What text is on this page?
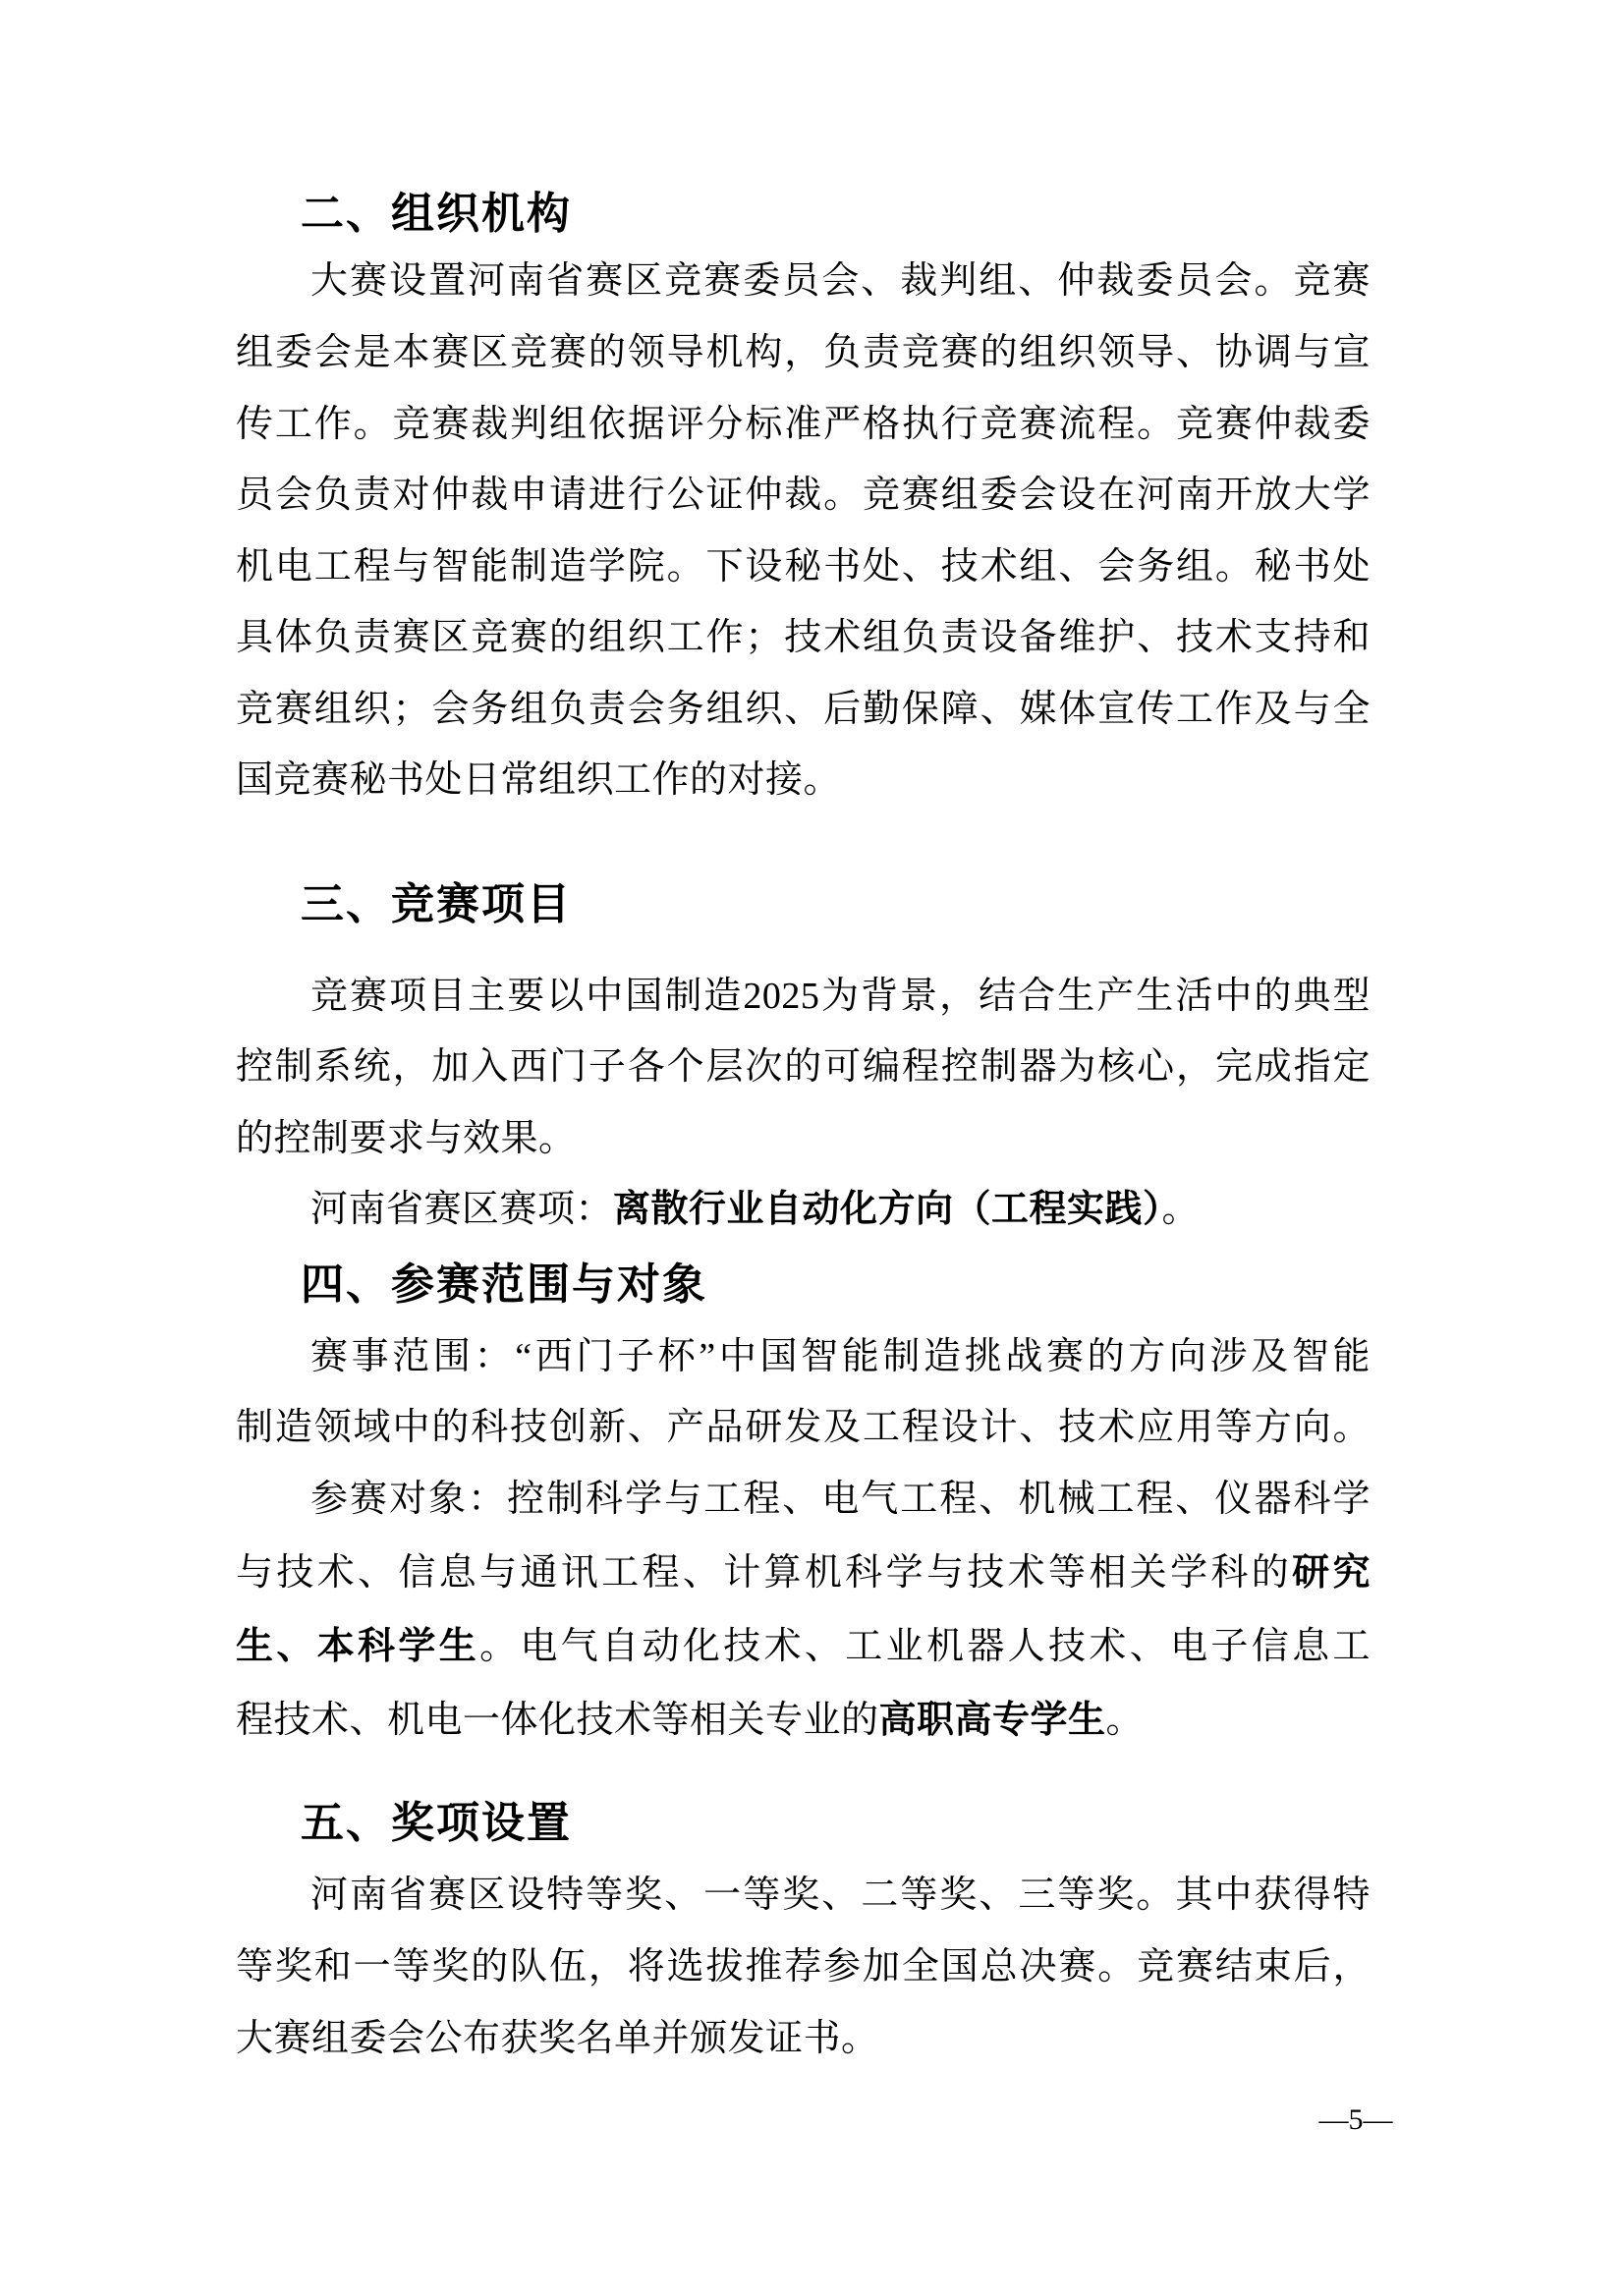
二、组织机构
大赛设置河南省赛区竞赛委员会、裁判组、仲裁委员会。竞赛
组委会是本赛区竞赛的领导机构，负责竞赛的组织领导、协调与宣
传工作。竞赛裁判组依据评分标准严格执行竞赛流程。竞赛仲裁委
员会负责对仲裁申请进行公证仲裁。竞赛组委会设在河南开放大学
机电工程与智能制造学院。下设秘书处、技术组、会务组。秘书处
具体负责赛区竞赛的组织工作；技术组负责设备维护、技术支持和
竞赛组织；会务组负责会务组织、后勤保障、媒体宣传工作及与全
国竞赛秘书处日常组织工作的对接。
三、竞赛项目
竞赛项目主要以中国制造2025为背景，结合生产生活中的典型
控制系统，加入西门子各个层次的可编程控制器为核心，完成指定
的控制要求与效果。
河南省赛区赛项：离散行业自动化方向（工程实践）。
四、参赛范围与对象
赛事范围：“西门子杯”中国智能制造挑战赛的方向涉及智能
制造领域中的科技创新、产品研发及工程设计、技术应用等方向。
参赛对象：控制科学与工程、电气工程、机械工程、仪器科学
与技术、信息与通讯工程、计算机科学与技术等相关学科的研究
生、本科学生。电气自动化技术、工业机器人技术、电子信息工
程技术、机电一体化技术等相关专业的高职高专学生。
五、奖项设置
河南省赛区设特等奖、一等奖、二等奖、三等奖。其中获得特
等奖和一等奖的队伍，将选拔推荐参加全国总决赛。竞赛结束后，
大赛组委会公布获奖名单并颁发证书。
—5—
